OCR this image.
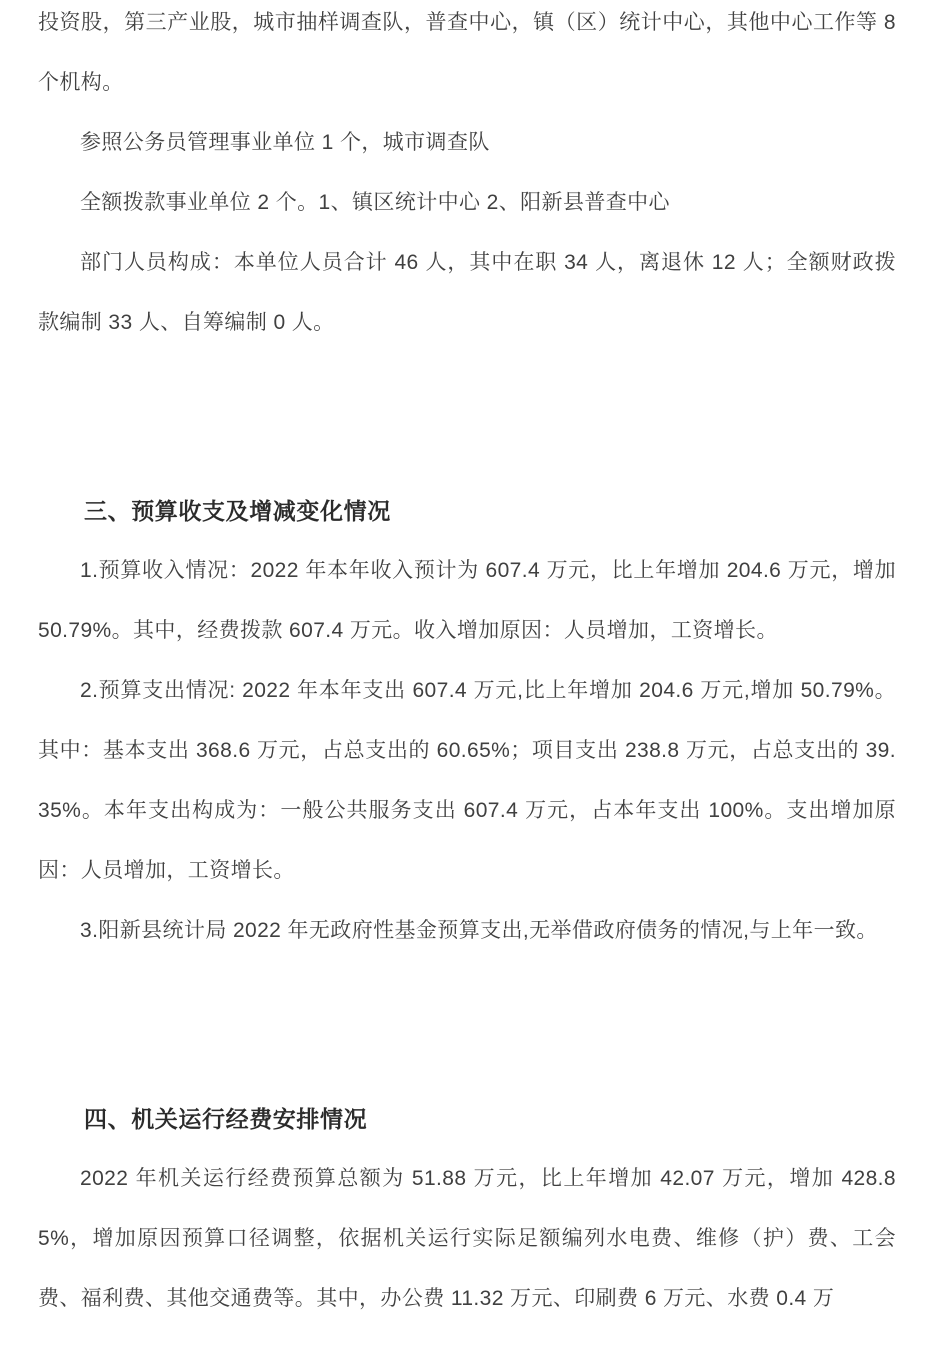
投资股，第三产业股，城市抽样调查队，普查中心，镇（区）统计中心，其他中心工作等 8个机构。

参照公务员管理事业单位 1 个，城市调查队

全额拨款事业单位 2 个。1、镇区统计中心 2、阳新县普查中心

部门人员构成：本单位人员合计 46 人，其中在职 34 人，离退休 12 人；全额财政拨款编制 33 人、自筹编制 0 人。

三、预算收支及增减变化情况

1.预算收入情况：2022 年本年收入预计为 607.4 万元，比上年增加 204.6 万元，增加 50.79%。其中，经费拨款 607.4 万元。收入增加原因：人员增加，工资增长。

2.预算支出情况: 2022 年本年支出 607.4 万元,比上年增加 204.6 万元,增加 50.79%。其中：基本支出 368.6 万元，占总支出的 60.65%；项目支出 238.8 万元，占总支出的 39.35%。本年支出构成为：一般公共服务支出 607.4 万元，占本年支出 100%。支出增加原因：人员增加，工资增长。

3.阳新县统计局 2022 年无政府性基金预算支出,无举借政府债务的情况,与上年一致。

四、机关运行经费安排情况

2022 年机关运行经费预算总额为 51.88 万元，比上年增加 42.07 万元，增加 428.85%，增加原因预算口径调整，依据机关运行实际足额编列水电费、维修（护）费、工会费、福利费、其他交通费等。其中，办公费 11.32 万元、印刷费 6 万元、水费 0.4 万
